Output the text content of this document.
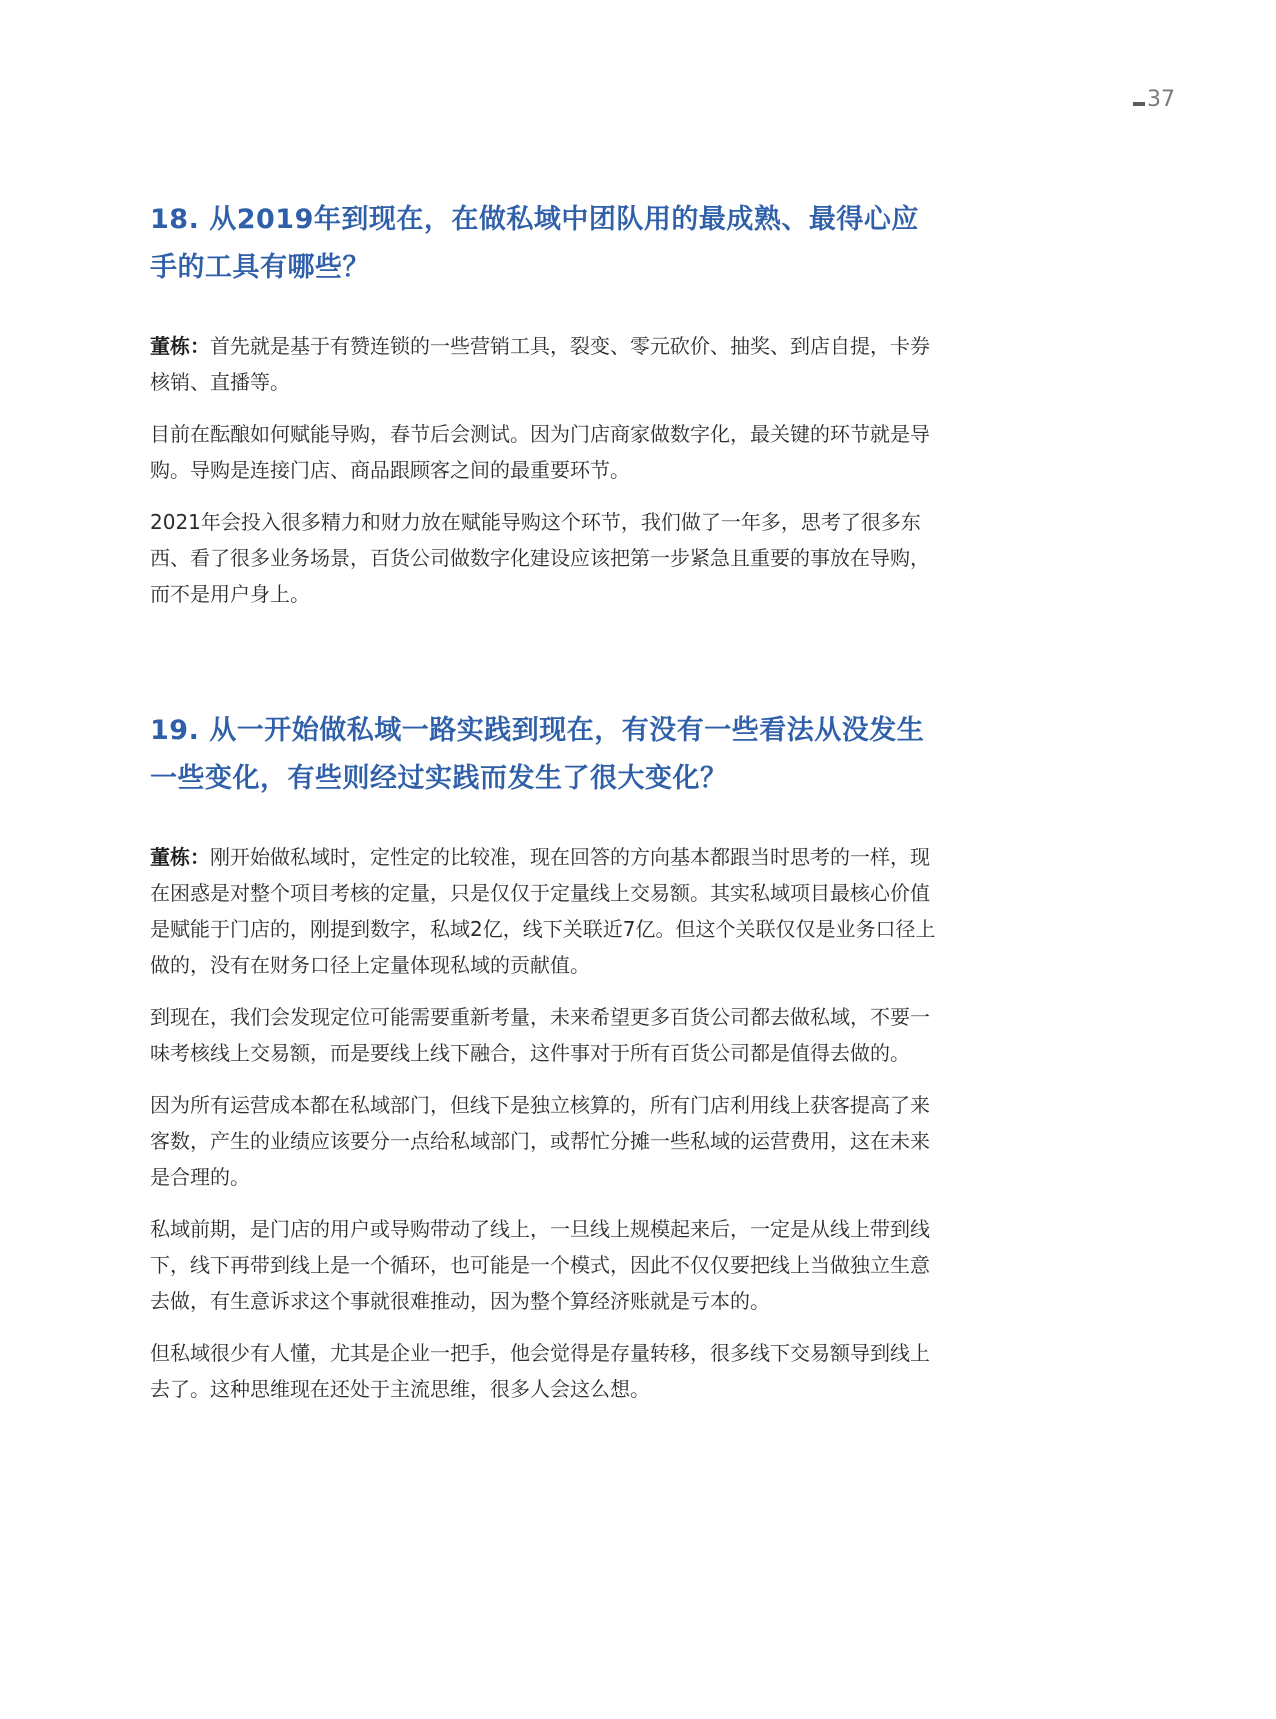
37
18. 从2019年到现在，在做私域中团队用的最成熟、最得心应手的工具有哪些？

董栋：首先就是基于有赞连锁的一些营销工具，裂变、零元砍价、抽奖、到店自提，卡券核销、直播等。

目前在酝酿如何赋能导购，春节后会测试。因为门店商家做数字化，最关键的环节就是导购。导购是连接门店、商品跟顾客之间的最重要环节。

2021年会投入很多精力和财力放在赋能导购这个环节，我们做了一年多，思考了很多东西、看了很多业务场景，百货公司做数字化建设应该把第一步紧急且重要的事放在导购，而不是用户身上。

19. 从一开始做私域一路实践到现在，有没有一些看法从没发生一些变化，有些则经过实践而发生了很大变化？

董栋：刚开始做私域时，定性定的比较准，现在回答的方向基本都跟当时思考的一样，现在困惑是对整个项目考核的定量，只是仅仅于定量线上交易额。其实私域项目最核心价值是赋能于门店的，刚提到数字，私域2亿，线下关联近7亿。但这个关联仅仅是业务口径上做的，没有在财务口径上定量体现私域的贡献值。

到现在，我们会发现定位可能需要重新考量，未来希望更多百货公司都去做私域，不要一味考核线上交易额，而是要线上线下融合，这件事对于所有百货公司都是值得去做的。

因为所有运营成本都在私域部门，但线下是独立核算的，所有门店利用线上获客提高了来客数，产生的业绩应该要分一点给私域部门，或帮忙分摊一些私域的运营费用，这在未来是合理的。

私域前期，是门店的用户或导购带动了线上，一旦线上规模起来后，一定是从线上带到线下，线下再带到线上是一个循环，也可能是一个模式，因此不仅仅要把线上当做独立生意去做，有生意诉求这个事就很难推动，因为整个算经济账就是亏本的。

但私域很少有人懂，尤其是企业一把手，他会觉得是存量转移，很多线下交易额导到线上去了。这种思维现在还处于主流思维，很多人会这么想。
